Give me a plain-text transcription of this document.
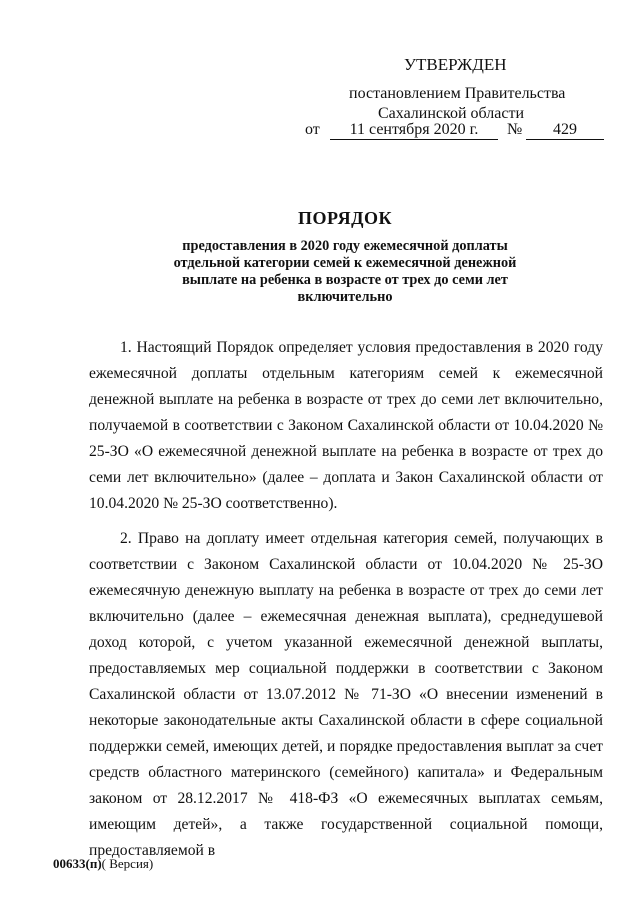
УТВЕРЖДЕН
постановлением Правительства
Сахалинской области
от	11 сентября 2020 г.	№	429
ПОРЯДОК
предоставления в 2020 году ежемесячной доплаты отдельной категории семей к ежемесячной денежной выплате на ребенка в возрасте от трех до семи лет включительно

1. Настоящий Порядок определяет условия предоставления в 2020 году ежемесячной доплаты отдельным категориям семей к ежемесячной денежной выплате на ребенка в возрасте от трех до семи лет включительно, получаемой в соответствии с Законом Сахалинской области от 10.04.2020 № 25-ЗО «О ежемесячной денежной выплате на ребенка в возрасте от трех до семи лет включительно» (далее – доплата и Закон Сахалинской области от 10.04.2020 № 25-ЗО соответственно).

2. Право на доплату имеет отдельная категория семей, получающих в соответствии с Законом Сахалинской области от 10.04.2020 № 25-ЗО ежемесячную денежную выплату на ребенка в возрасте от трех до семи лет включительно (далее – ежемесячная денежная выплата), среднедушевой доход которой, с учетом указанной ежемесячной денежной выплаты, предоставляемых мер социальной поддержки в соответствии с Законом Сахалинской области от 13.07.2012 № 71-ЗО «О внесении изменений в некоторые законодательные акты Сахалинской области в сфере социальной поддержки семей, имеющих детей, и порядке предоставления выплат за счет средств областного материнского (семейного) капитала» и Федеральным законом от 28.12.2017 № 418-ФЗ «О ежемесячных выплатах семьям, имеющим детей», а также государственной социальной помощи, предоставляемой в

00633(п)( Версия)
